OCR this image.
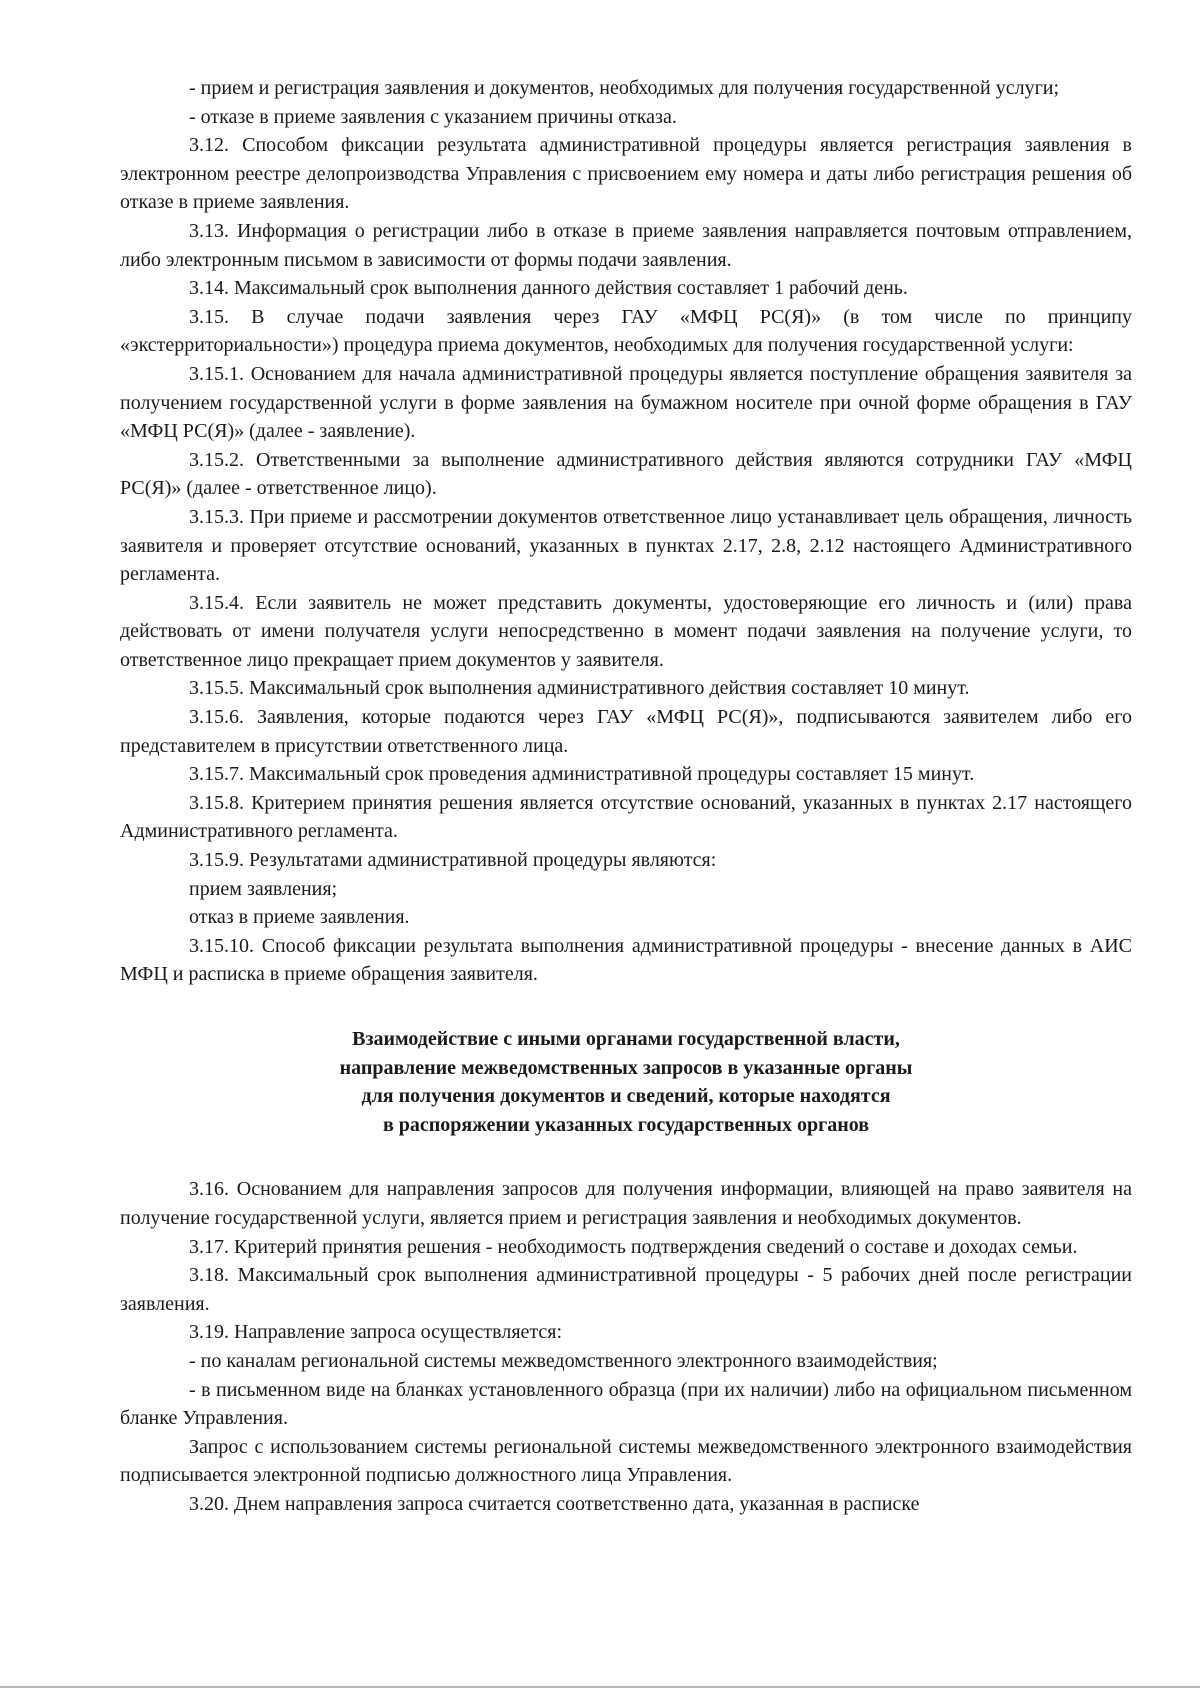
- прием и регистрация заявления и документов, необходимых для получения государственной услуги;

- отказе в приеме заявления с указанием причины отказа.

3.12. Способом фиксации результата административной процедуры является регистрация заявления в электронном реестре делопроизводства Управления с присвоением ему номера и даты либо регистрация решения об отказе в приеме заявления.

3.13. Информация о регистрации либо в отказе в приеме заявления направляется почтовым отправлением, либо электронным письмом в зависимости от формы подачи заявления.

3.14. Максимальный срок выполнения данного действия составляет 1 рабочий день.

3.15. В случае подачи заявления через ГАУ «МФЦ РС(Я)» (в том числе по принципу «экстерриториальности») процедура приема документов, необходимых для получения государственной услуги:

3.15.1. Основанием для начала административной процедуры является поступление обращения заявителя за получением государственной услуги в форме заявления на бумажном носителе при очной форме обращения в ГАУ «МФЦ РС(Я)» (далее - заявление).

3.15.2. Ответственными за выполнение административного действия являются сотрудники ГАУ «МФЦ РС(Я)» (далее - ответственное лицо).

3.15.3. При приеме и рассмотрении документов ответственное лицо устанавливает цель обращения, личность заявителя и проверяет отсутствие оснований, указанных в пунктах 2.17, 2.8, 2.12 настоящего Административного регламента.

3.15.4. Если заявитель не может представить документы, удостоверяющие его личность и (или) права действовать от имени получателя услуги непосредственно в момент подачи заявления на получение услуги, то ответственное лицо прекращает прием документов у заявителя.

3.15.5. Максимальный срок выполнения административного действия составляет 10 минут.

3.15.6. Заявления, которые подаются через ГАУ «МФЦ РС(Я)», подписываются заявителем либо его представителем в присутствии ответственного лица.

3.15.7. Максимальный срок проведения административной процедуры составляет 15 минут.

3.15.8. Критерием принятия решения является отсутствие оснований, указанных в пунктах 2.17 настоящего Административного регламента.

3.15.9. Результатами административной процедуры являются:

прием заявления;

отказ в приеме заявления.

3.15.10. Способ фиксации результата выполнения административной процедуры - внесение данных в АИС МФЦ и расписка в приеме обращения заявителя.

Взаимодействие с иными органами государственной власти,
направление межведомственных запросов в указанные органы
для получения документов и сведений, которые находятся
в распоряжении указанных государственных органов

3.16. Основанием для направления запросов для получения информации, влияющей на право заявителя на получение государственной услуги, является прием и регистрация заявления и необходимых документов.

3.17. Критерий принятия решения - необходимость подтверждения сведений о составе и доходах семьи.

3.18. Максимальный срок выполнения административной процедуры - 5 рабочих дней после регистрации заявления.

3.19. Направление запроса осуществляется:

- по каналам региональной системы межведомственного электронного взаимодействия;

- в письменном виде на бланках установленного образца (при их наличии) либо на официальном письменном бланке Управления.

Запрос с использованием системы региональной системы межведомственного электронного взаимодействия подписывается электронной подписью должностного лица Управления.

3.20. Днем направления запроса считается соответственно дата, указанная в расписке
